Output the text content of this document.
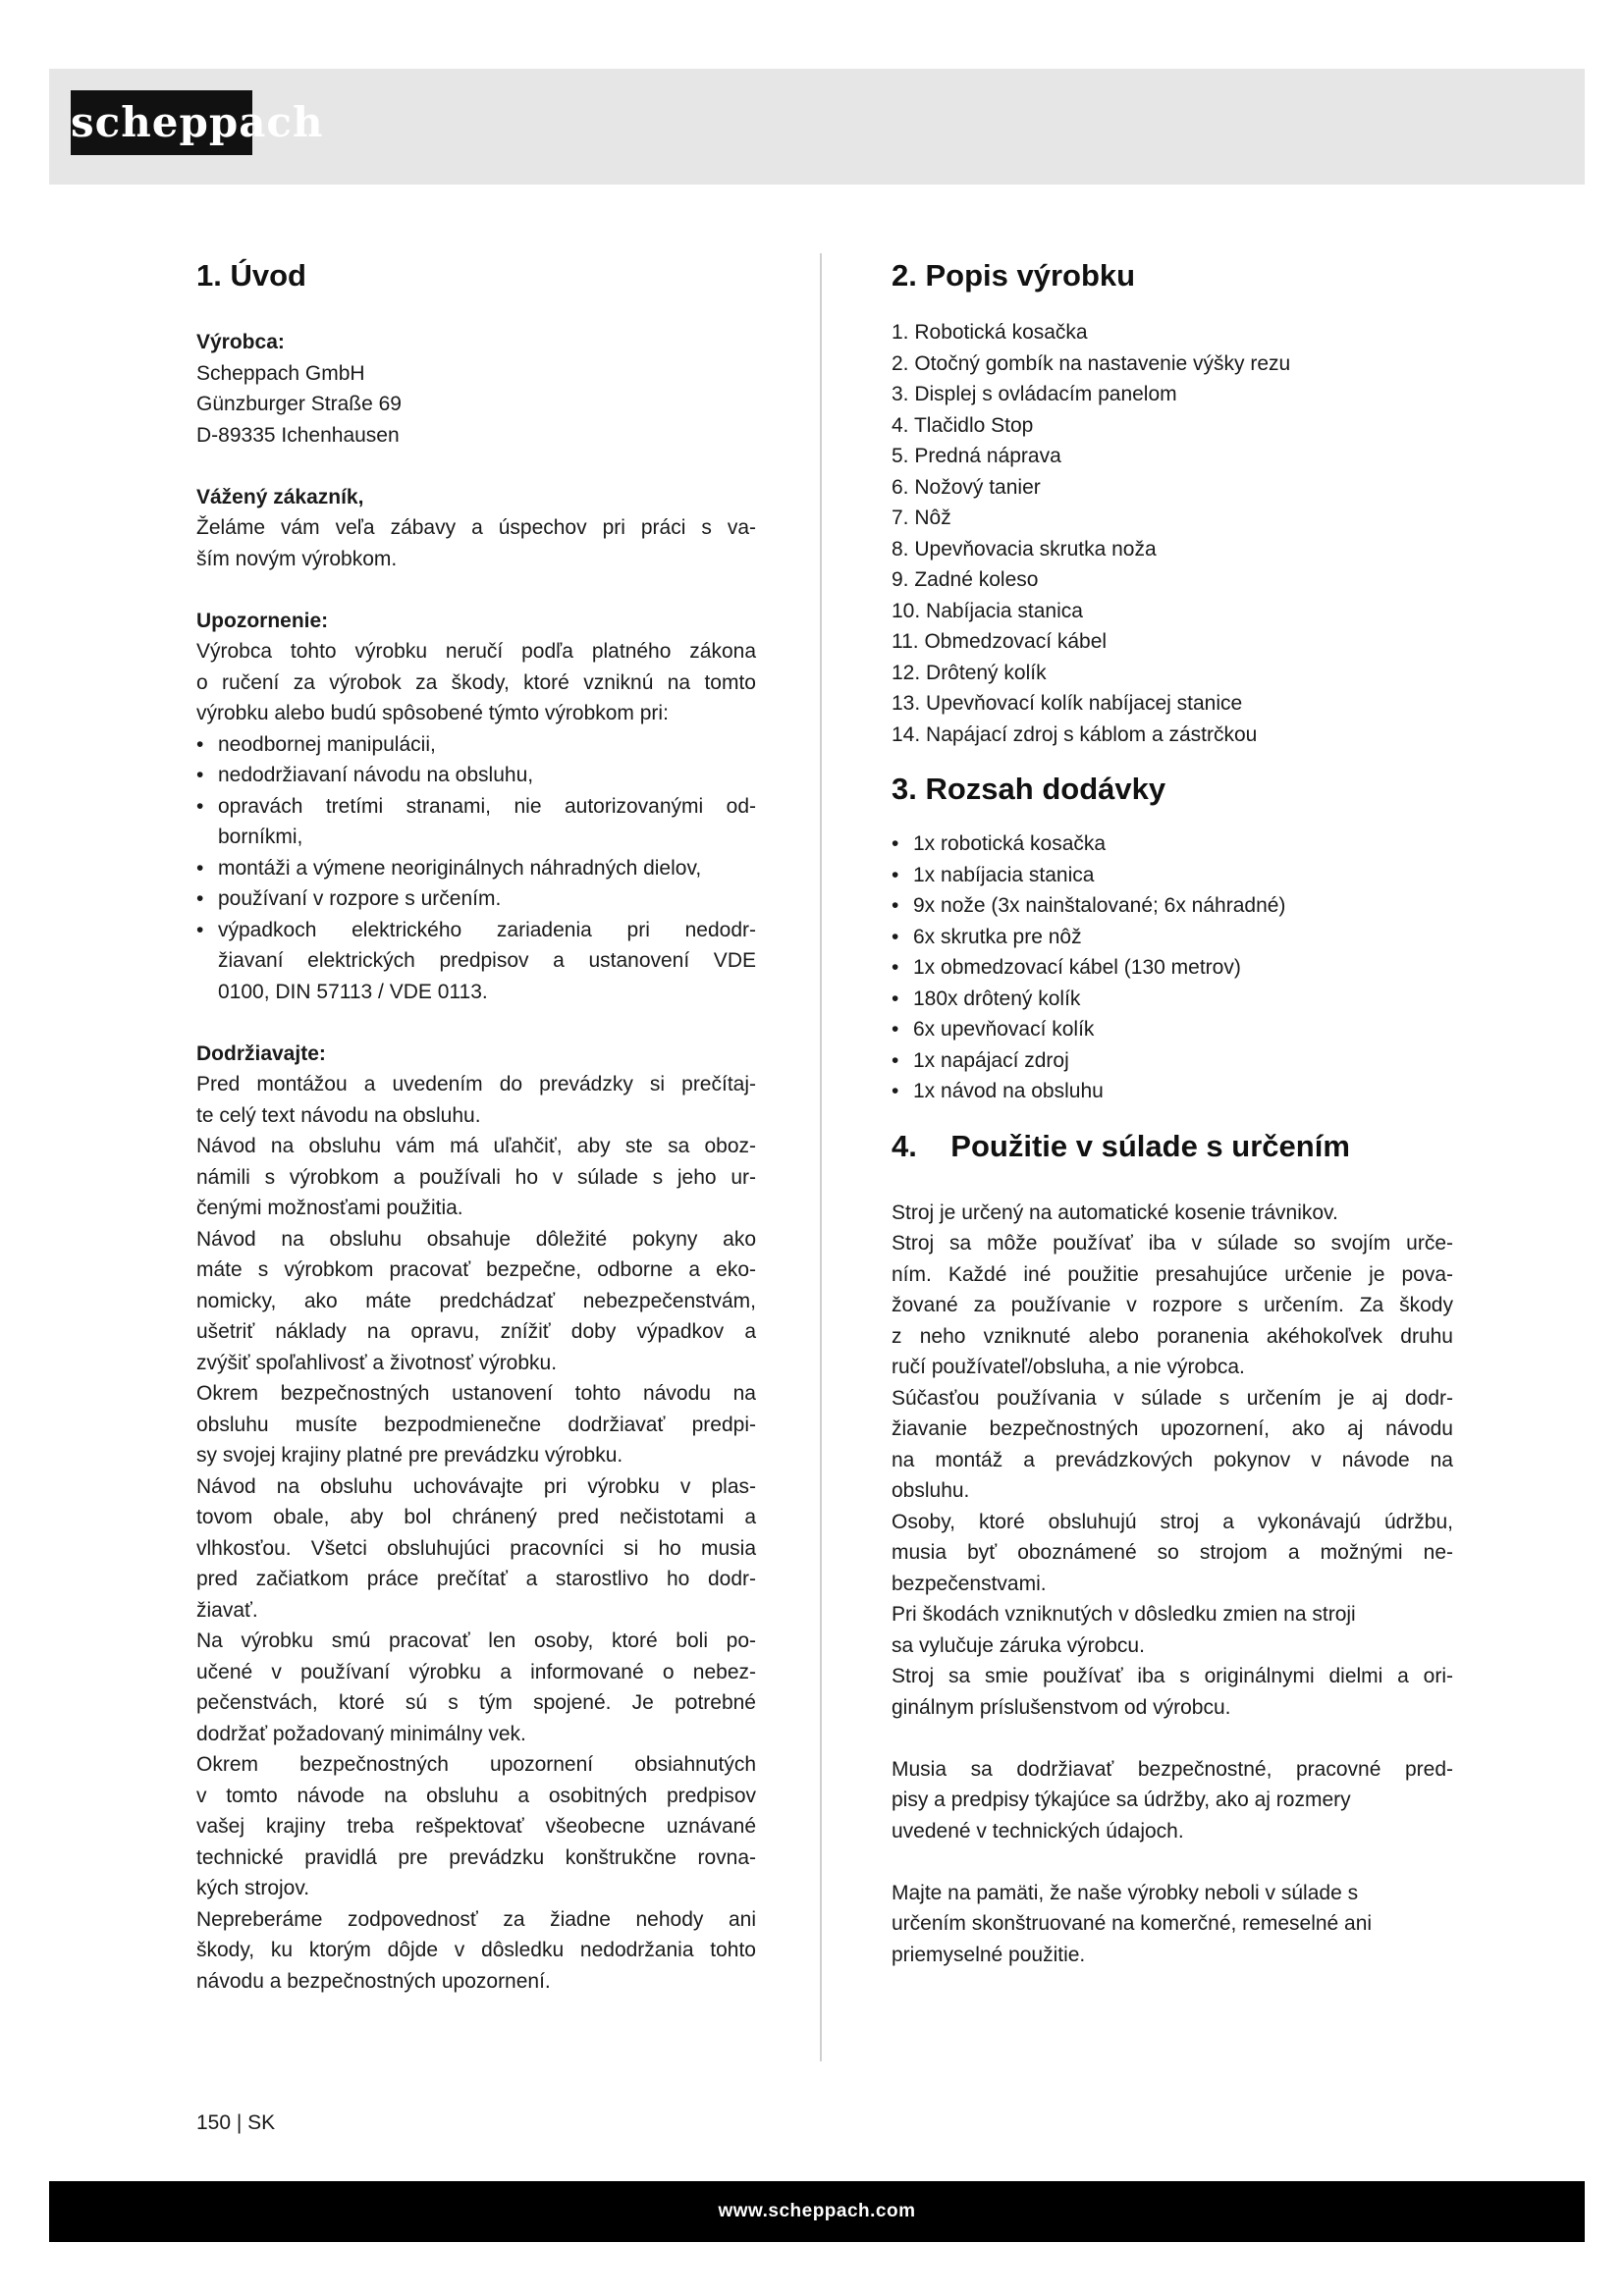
scheppach
1. Úvod
Výrobca:
Scheppach GmbH
Günzburger Straße 69
D-89335 Ichenhausen
Vážený zákazník,
Želáme vám veľa zábavy a úspechov pri práci s va-
ším novým výrobkom.
Upozornenie:
Výrobca tohto výrobku neručí podľa platného zákona
o ručení za výrobok za škody, ktoré vzniknú na tomto
výrobku alebo budú spôsobené týmto výrobkom pri:
• neodbornej manipulácii,
• nedodržiavaní návodu na obsluhu,
• opravách tretími stranami, nie autorizovanými od-
borníkmi,
• montáži a výmene neoriginálnych náhradných dielov,
• používaní v rozpore s určením.
• výpadkoch elektrického zariadenia pri nedodr-
žiavaní elektrických predpisov a ustanovení VDE
0100, DIN 57113 / VDE 0113.
Dodržiavajte:
Pred montážou a uvedením do prevádzky si prečítaj-
te celý text návodu na obsluhu.
Návod na obsluhu vám má uľahčiť, aby ste sa oboz-
námili s výrobkom a používali ho v súlade s jeho ur-
čenými možnosťami použitia.
Návod na obsluhu obsahuje dôležité pokyny ako
máte s výrobkom pracovať bezpečne, odborne a eko-
nomicky, ako máte predchádzať nebezpečenstvám,
ušetriť náklady na opravu, znížiť doby výpadkov a
zvýšiť spoľahlivosť a životnosť výrobku.
Okrem bezpečnostných ustanovení tohto návodu na
obsluhu musíte bezpodmienečne dodržiavať predpi-
sy svojej krajiny platné pre prevádzku výrobku.
Návod na obsluhu uchovávajte pri výrobku v plas-
tovom obale, aby bol chránený pred nečistotami a
vlhkosťou. Všetci obsluhujúci pracovníci si ho musia
pred začiatkom práce prečítať a starostlivo ho dodr-
žiavať.
Na výrobku smú pracovať len osoby, ktoré boli po-
učené v používaní výrobku a informované o nebez-
pečenstvách, ktoré sú s tým spojené. Je potrebné
dodržať požadovaný minimálny vek.
Okrem bezpečnostných upozornení obsiahnutých
v tomto návode na obsluhu a osobitných predpisov
vašej krajiny treba rešpektovať všeobecne uznávané
technické pravidlá pre prevádzku konštrukčne rovna-
kých strojov.
Nepreberáme zodpovednosť za žiadne nehody ani
škody, ku ktorým dôjde v dôsledku nedodržania tohto
návodu a bezpečnostných upozornení.
2. Popis výrobku
1. Robotická kosačka
2. Otočný gombík na nastavenie výšky rezu
3. Displej s ovládacím panelom
4. Tlačidlo Stop
5. Predná náprava
6. Nožový tanier
7. Nôž
8. Upevňovacia skrutka noža
9. Zadné koleso
10. Nabíjacia stanica
11. Obmedzovací kábel
12. Drôtený kolík
13. Upevňovací kolík nabíjacej stanice
14. Napájací zdroj s káblom a zástrčkou
3. Rozsah dodávky
• 1x robotická kosačka
• 1x nabíjacia stanica
• 9x nože (3x nainštalované; 6x náhradné)
• 6x skrutka pre nôž
• 1x obmedzovací kábel (130 metrov)
• 180x drôtený kolík
• 6x upevňovací kolík
• 1x napájací zdroj
• 1x návod na obsluhu
4.    Použitie v súlade s určením
Stroj je určený na automatické kosenie trávnikov.
Stroj sa môže používať iba v súlade so svojím urče-
ním. Každé iné použitie presahujúce určenie je pova-
žované za používanie v rozpore s určením. Za škody
z neho vzniknuté alebo poranenia akéhokoľvek druhu
ručí používateľ/obsluha, a nie výrobca.
Súčasťou používania v súlade s určením je aj dodr-
žiavanie bezpečnostných upozornení, ako aj návodu
na montáž a prevádzkových pokynov v návode na
obsluhu.
Osoby, ktoré obsluhujú stroj a vykonávajú údržbu,
musia byť oboznámené so strojom a možnými ne-
bezpečenstvami.
Pri škodách vzniknutých v dôsledku zmien na stroji
sa vylučuje záruka výrobcu.
Stroj sa smie používať iba s originálnymi dielmi a ori-
ginálnym príslušenstvom od výrobcu.
Musia sa dodržiavať bezpečnostné, pracovné pred-
pisy a predpisy týkajúce sa údržby, ako aj rozmery
uvedené v technických údajoch.
Majte na pamäti, že naše výrobky neboli v súlade s
určením skonštruované na komerčné, remeselné ani
priemyselné použitie.
150 | SK
www.scheppach.com
